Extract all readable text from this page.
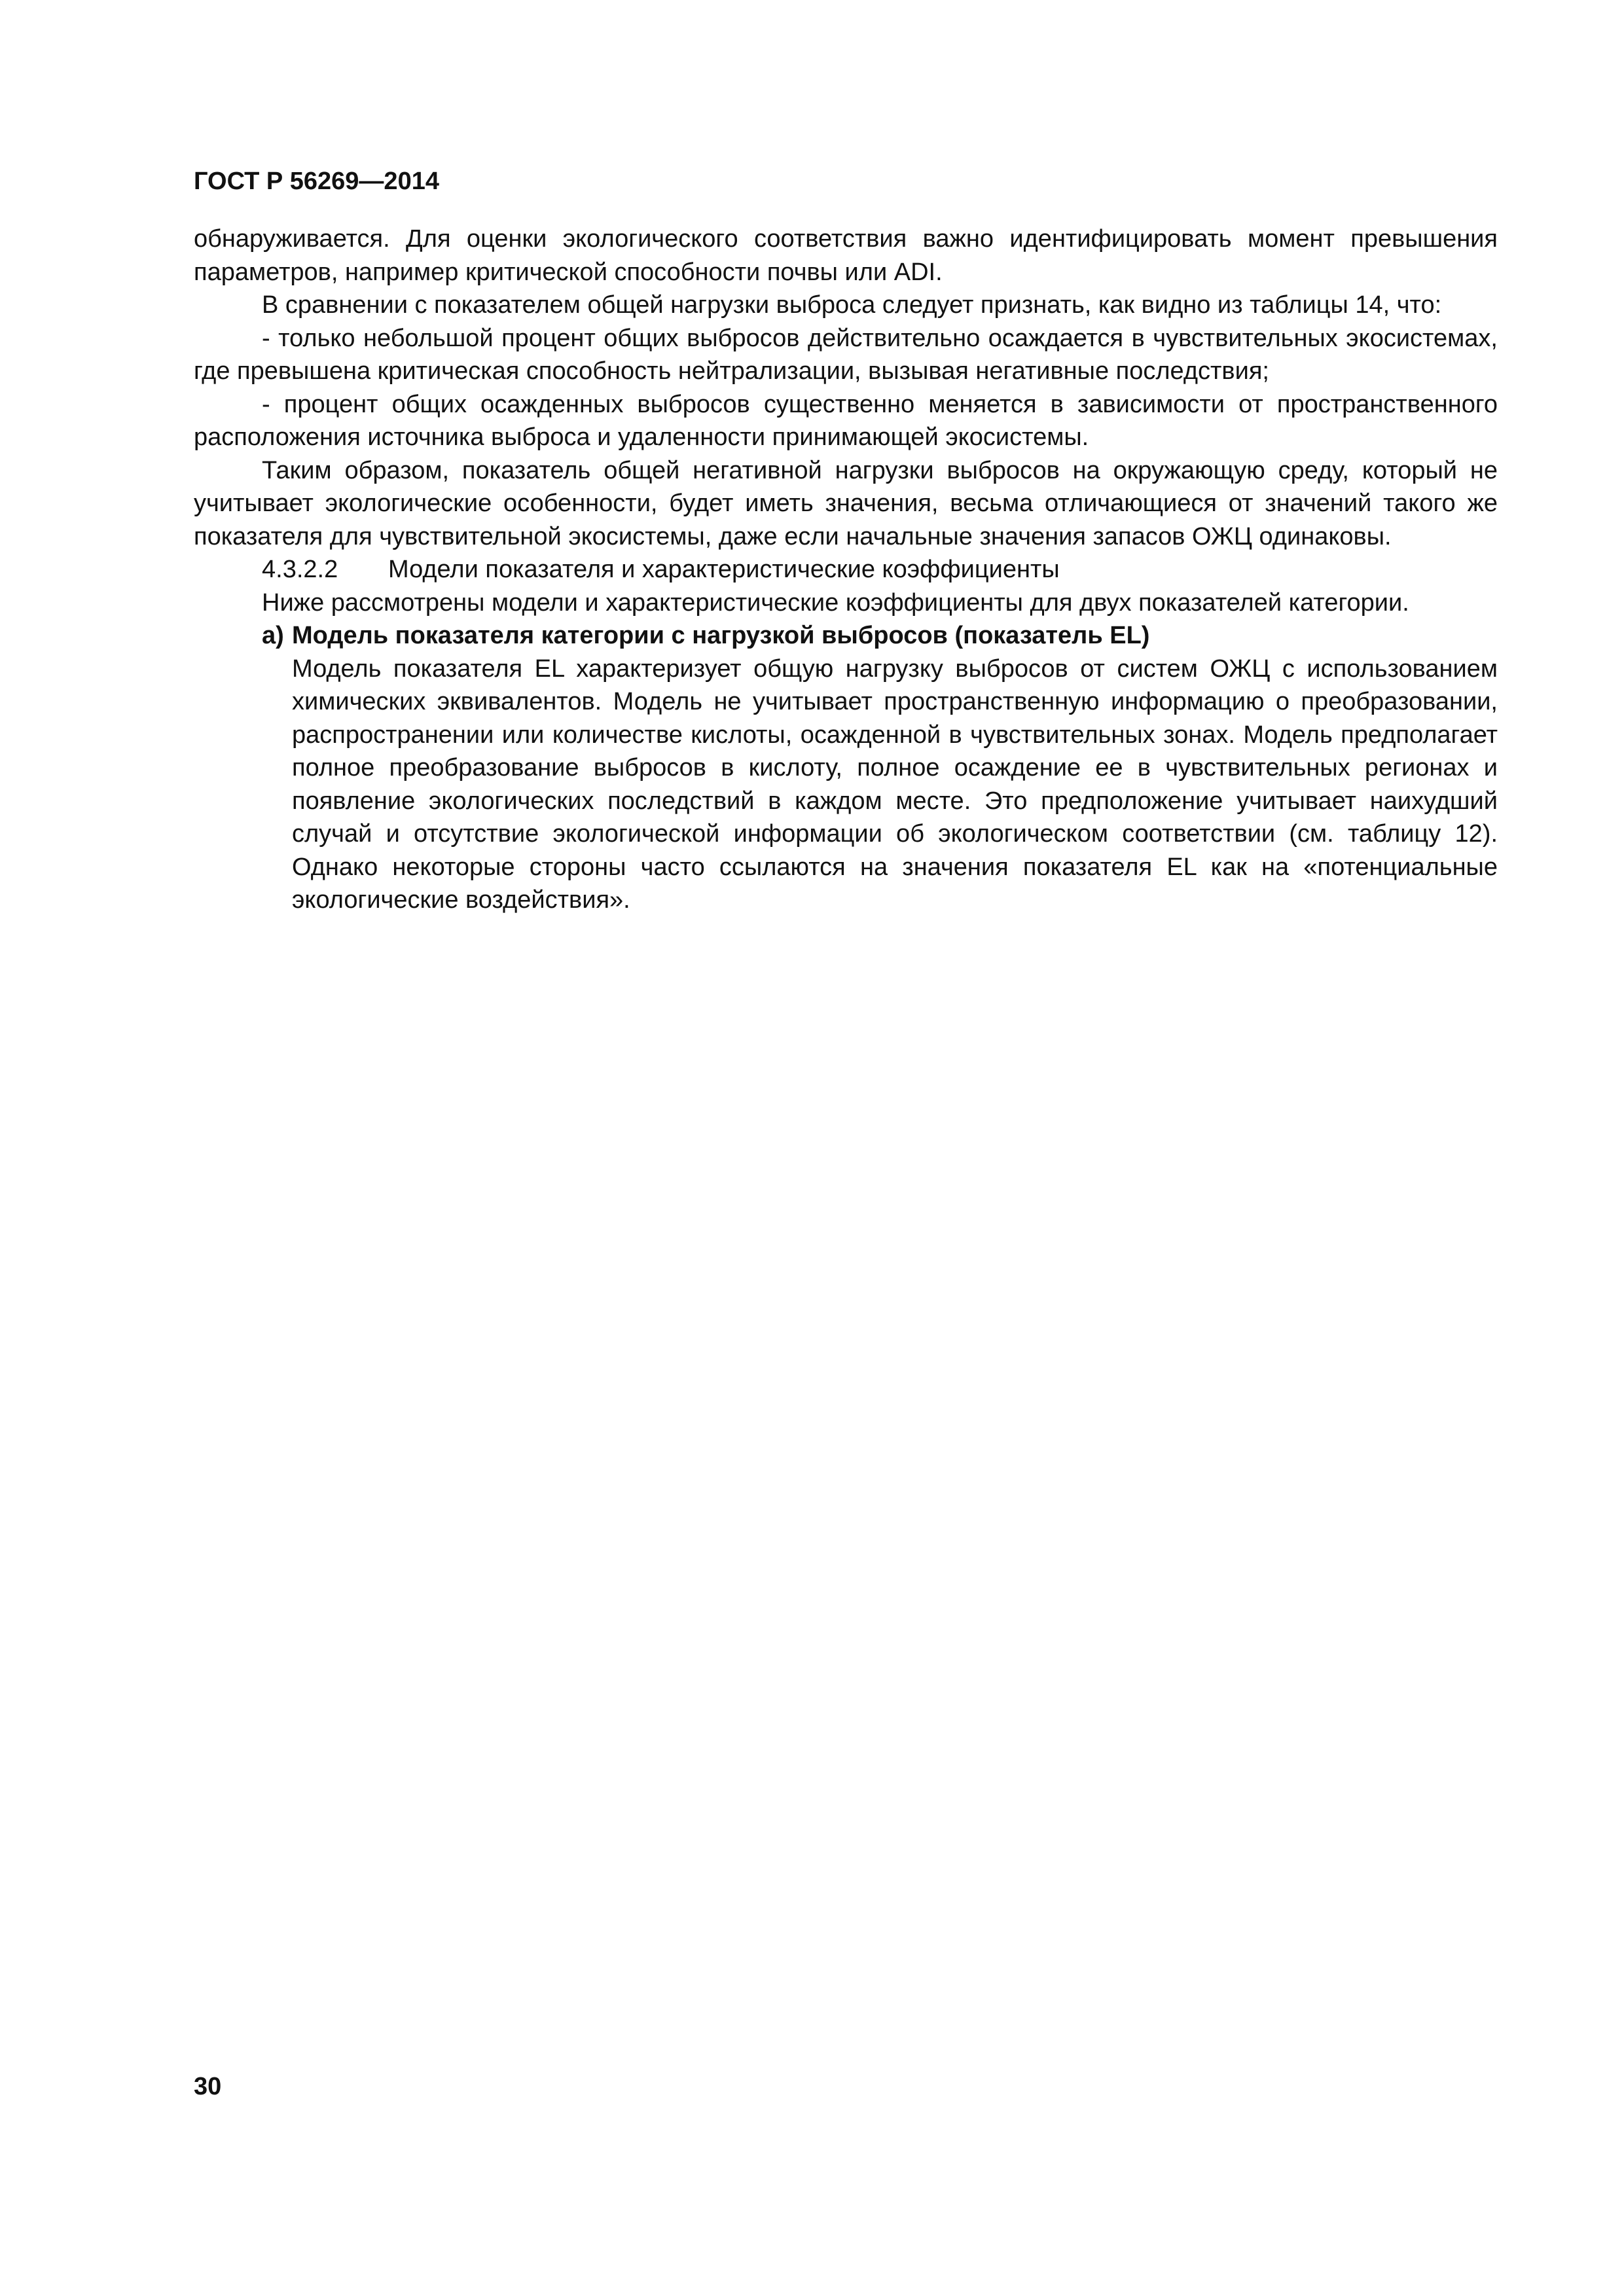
ГОСТ Р 56269—2014

обнаруживается. Для оценки экологического соответствия важно идентифицировать момент превышения параметров, например критической способности почвы или ADI.

В сравнении с показателем общей нагрузки выброса следует признать, как видно из таблицы 14, что:

- только небольшой процент общих выбросов действительно осаждается в чувствительных экосистемах, где превышена критическая способность нейтрализации, вызывая негативные последствия;

- процент общих осажденных выбросов существенно меняется в зависимости от пространственного расположения источника выброса и удаленности принимающей экосистемы.

Таким образом, показатель общей негативной нагрузки выбросов на окружающую среду, который не учитывает экологические особенности, будет иметь значения, весьма отличающиеся от значений такого же показателя для чувствительной экосистемы, даже если начальные значения запасов ОЖЦ одинаковы.

4.3.2.2 Модели показателя и характеристические коэффициенты

Ниже рассмотрены модели и характеристические коэффициенты для двух показателей категории.

а) Модель показателя категории с нагрузкой выбросов (показатель EL)

Модель показателя EL характеризует общую нагрузку выбросов от систем ОЖЦ с использованием химических эквивалентов. Модель не учитывает пространственную информацию о преобразовании, распространении или количестве кислоты, осажденной в чувствительных зонах. Модель предполагает полное преобразование выбросов в кислоту, полное осаждение ее в чувствительных регионах и появление экологических последствий в каждом месте. Это предположение учитывает наихудший случай и отсутствие экологической информации об экологическом соответствии (см. таблицу 12). Однако некоторые стороны часто ссылаются на значения показателя EL как на «потенциальные экологические воздействия».

30
